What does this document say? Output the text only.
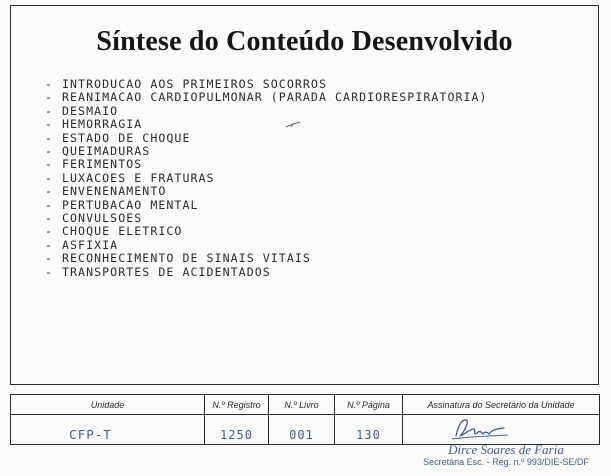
Síntese do Conteúdo Desenvolvido
- INTRODUCAO AOS PRIMEIROS SOCORROS
- REANIMACAO CARDIOPULMONAR (PARADA CARDIORESPIRATORIA)
- DESMAIO
- HEMORRAGIA
- ESTADO DE CHOQUE
- QUEIMADURAS
- FERIMENTOS
- LUXACOES E FRATURAS
- ENVENENAMENTO
- PERTUBACAO MENTAL
- CONVULSOES
- CHOQUE ELETRICO
- ASFIXIA
- RECONHECIMENTO DE SINAIS VITAIS
- TRANSPORTES DE ACIDENTADOS
Unidade	N.º Registro	N.º Livro	N.º Página	Assinatura do Secretário da Unidade
CFP-T	1250	001	130	
Dirce Soares de Faria
Secretária Esc. - Reg. n.º 993/DIE-SE/DF
